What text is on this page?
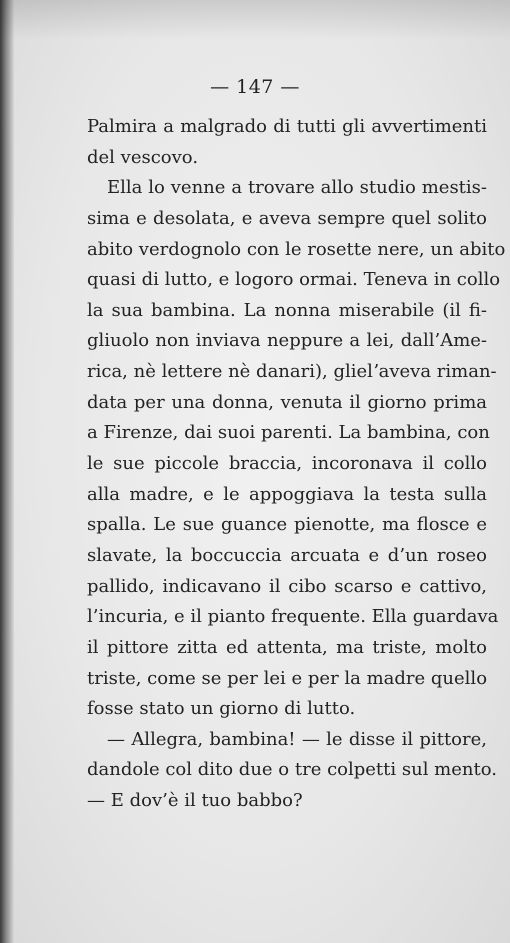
— 147 —
Palmira a malgrado di tutti gli avvertimenti
del vescovo.
Ella lo venne a trovare allo studio mestis-
sima e desolata, e aveva sempre quel solito
abito verdognolo con le rosette nere, un abito
quasi di lutto, e logoro ormai. Teneva in collo
la sua bambina. La nonna miserabile (il fi-
gliuolo non inviava neppure a lei, dall’Ame-
rica, nè lettere nè danari), glielʼaveva riman-
data per una donna, venuta il giorno prima
a Firenze, dai suoi parenti. La bambina, con
le sue piccole braccia, incoronava il collo
alla madre, e le appoggiava la testa sulla
spalla. Le sue guance pienotte, ma flosce e
slavate, la boccuccia arcuata e d’un roseo
pallido, indicavano il cibo scarso e cattivo,
l’incuria, e il pianto frequente. Ella guardava
il pittore zitta ed attenta, ma triste, molto
triste, come se per lei e per la madre quello
fosse stato un giorno di lutto.
— Allegra, bambina! — le disse il pittore,
dandole col dito due o tre colpetti sul mento.
— E dov’è il tuo babbo?
